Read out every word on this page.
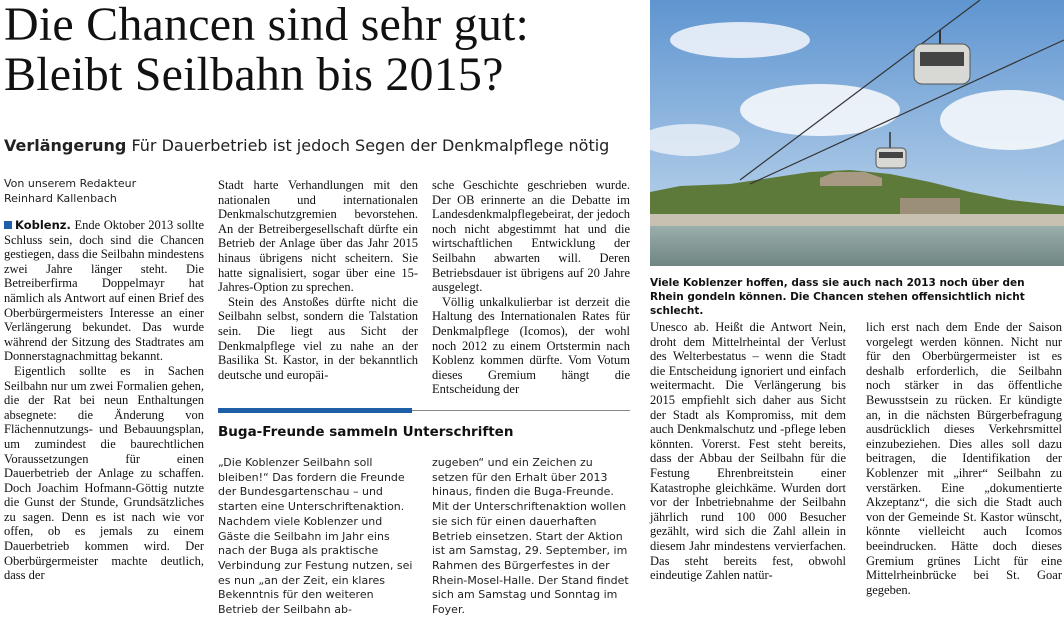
Die Chancen sind sehr gut:
Bleibt Seilbahn bis 2015?
Verlängerung Für Dauerbetrieb ist jedoch Segen der Denkmalpflege nötig
Von unserem Redakteur
Reinhard Kallenbach

Koblenz. Ende Oktober 2013 sollte Schluss sein, doch sind die Chancen gestiegen, dass die Seilbahn mindestens zwei Jahre länger steht. Die Betreiberfirma Doppelmayr hat nämlich als Antwort auf einen Brief des Oberbürgermeisters Interesse an einer Verlängerung bekundet. Das wurde während der Sitzung des Stadtrates am Donnerstagnachmittag bekannt.

Eigentlich sollte es in Sachen Seilbahn nur um zwei Formalien gehen, die der Rat bei neun Enthaltungen absegnete: die Änderung von Flächennutzungs- und Bebauungsplan, um zumindest die baurechtlichen Voraussetzungen für einen Dauerbetrieb der Anlage zu schaffen. Doch Joachim Hofmann-Göttig nutzte die Gunst der Stunde, Grundsätzliches zu sagen. Denn es ist nach wie vor offen, ob es jemals zu einem Dauerbetrieb kommen wird. Der Oberbürgermeister machte deutlich, dass der

Stadt harte Verhandlungen mit den nationalen und internationalen Denkmalschutzgremien bevorstehen. An der Betreibergesellschaft dürfte ein Betrieb der Anlage über das Jahr 2015 hinaus übrigens nicht scheitern. Sie hatte signalisiert, sogar über eine 15-Jahres-Option zu sprechen.

Stein des Anstoßes dürfte nicht die Seilbahn selbst, sondern die Talstation sein. Die liegt aus Sicht der Denkmalpflege viel zu nahe an der Basilika St. Kastor, in der bekanntlich deutsche und europäi-

sche Geschichte geschrieben wurde. Der OB erinnerte an die Debatte im Landesdenkmalpflegebeirat, der jedoch noch nicht abgestimmt hat und die wirtschaftlichen Entwicklung der Seilbahn abwarten will. Deren Betriebsdauer ist übrigens auf 20 Jahre ausgelegt.

Völlig unkalkulierbar ist derzeit die Haltung des Internationalen Rates für Denkmalpflege (Icomos), der wohl noch 2012 zu einem Ortstermin nach Koblenz kommen dürfte. Vom Votum dieses Gremium hängt die Entscheidung der

Buga-Freunde sammeln Unterschriften
„Die Koblenzer Seilbahn soll bleiben!“ Das fordern die Freunde der Bundesgartenschau – und starten eine Unterschriftenaktion. Nachdem viele Koblenzer und Gäste die Seilbahn im Jahr eins nach der Buga als praktische Verbindung zur Festung nutzen, sei es nun „an der Zeit, ein klares Bekenntnis für den weiteren Betrieb der Seilbahn ab-
zugeben“ und ein Zeichen zu setzen für den Erhalt über 2013 hinaus, finden die Buga-Freunde. Mit der Unterschriftenaktion wollen sie sich für einen dauerhaften Betrieb einsetzen. Start der Aktion ist am Samstag, 29. September, im Rahmen des Bürgerfestes in der Rhein-Mosel-Halle. Der Stand findet sich am Samstag und Sonntag im Foyer.
Viele Koblenzer hoffen, dass sie auch nach 2013 noch über den Rhein gondeln können. Die Chancen stehen offensichtlich nicht schlecht.

Unesco ab. Heißt die Antwort Nein, droht dem Mittelrheintal der Verlust des Welterbestatus – wenn die Stadt die Entscheidung ignoriert und einfach weitermacht. Die Verlängerung bis 2015 empfiehlt sich daher aus Sicht der Stadt als Kompromiss, mit dem auch Denkmalschutz und -pflege leben könnten. Vorerst. Fest steht bereits, dass der Abbau der Seilbahn für die Festung Ehrenbreitstein einer Katastrophe gleichkäme. Wurden dort vor der Inbetriebnahme der Seilbahn jährlich rund 100 000 Besucher gezählt, wird sich die Zahl allein in diesem Jahr mindestens vervierfachen. Das steht bereits fest, obwohl eindeutige Zahlen natür-

lich erst nach dem Ende der Saison vorgelegt werden können. Nicht nur für den Oberbürgermeister ist es deshalb erforderlich, die Seilbahn noch stärker in das öffentliche Bewusstsein zu rücken. Er kündigte an, in die nächsten Bürgerbefragung ausdrücklich dieses Verkehrsmittel einzubeziehen. Dies alles soll dazu beitragen, die Identifikation der Koblenzer mit „ihrer“ Seilbahn zu verstärken. Eine „dokumentierte Akzeptanz“, die sich die Stadt auch von der Gemeinde St. Kastor wünscht, könnte vielleicht auch Icomos beeindrucken. Hätte doch dieses Gremium grünes Licht für eine Mittelrheinbrücke bei St. Goar gegeben.
